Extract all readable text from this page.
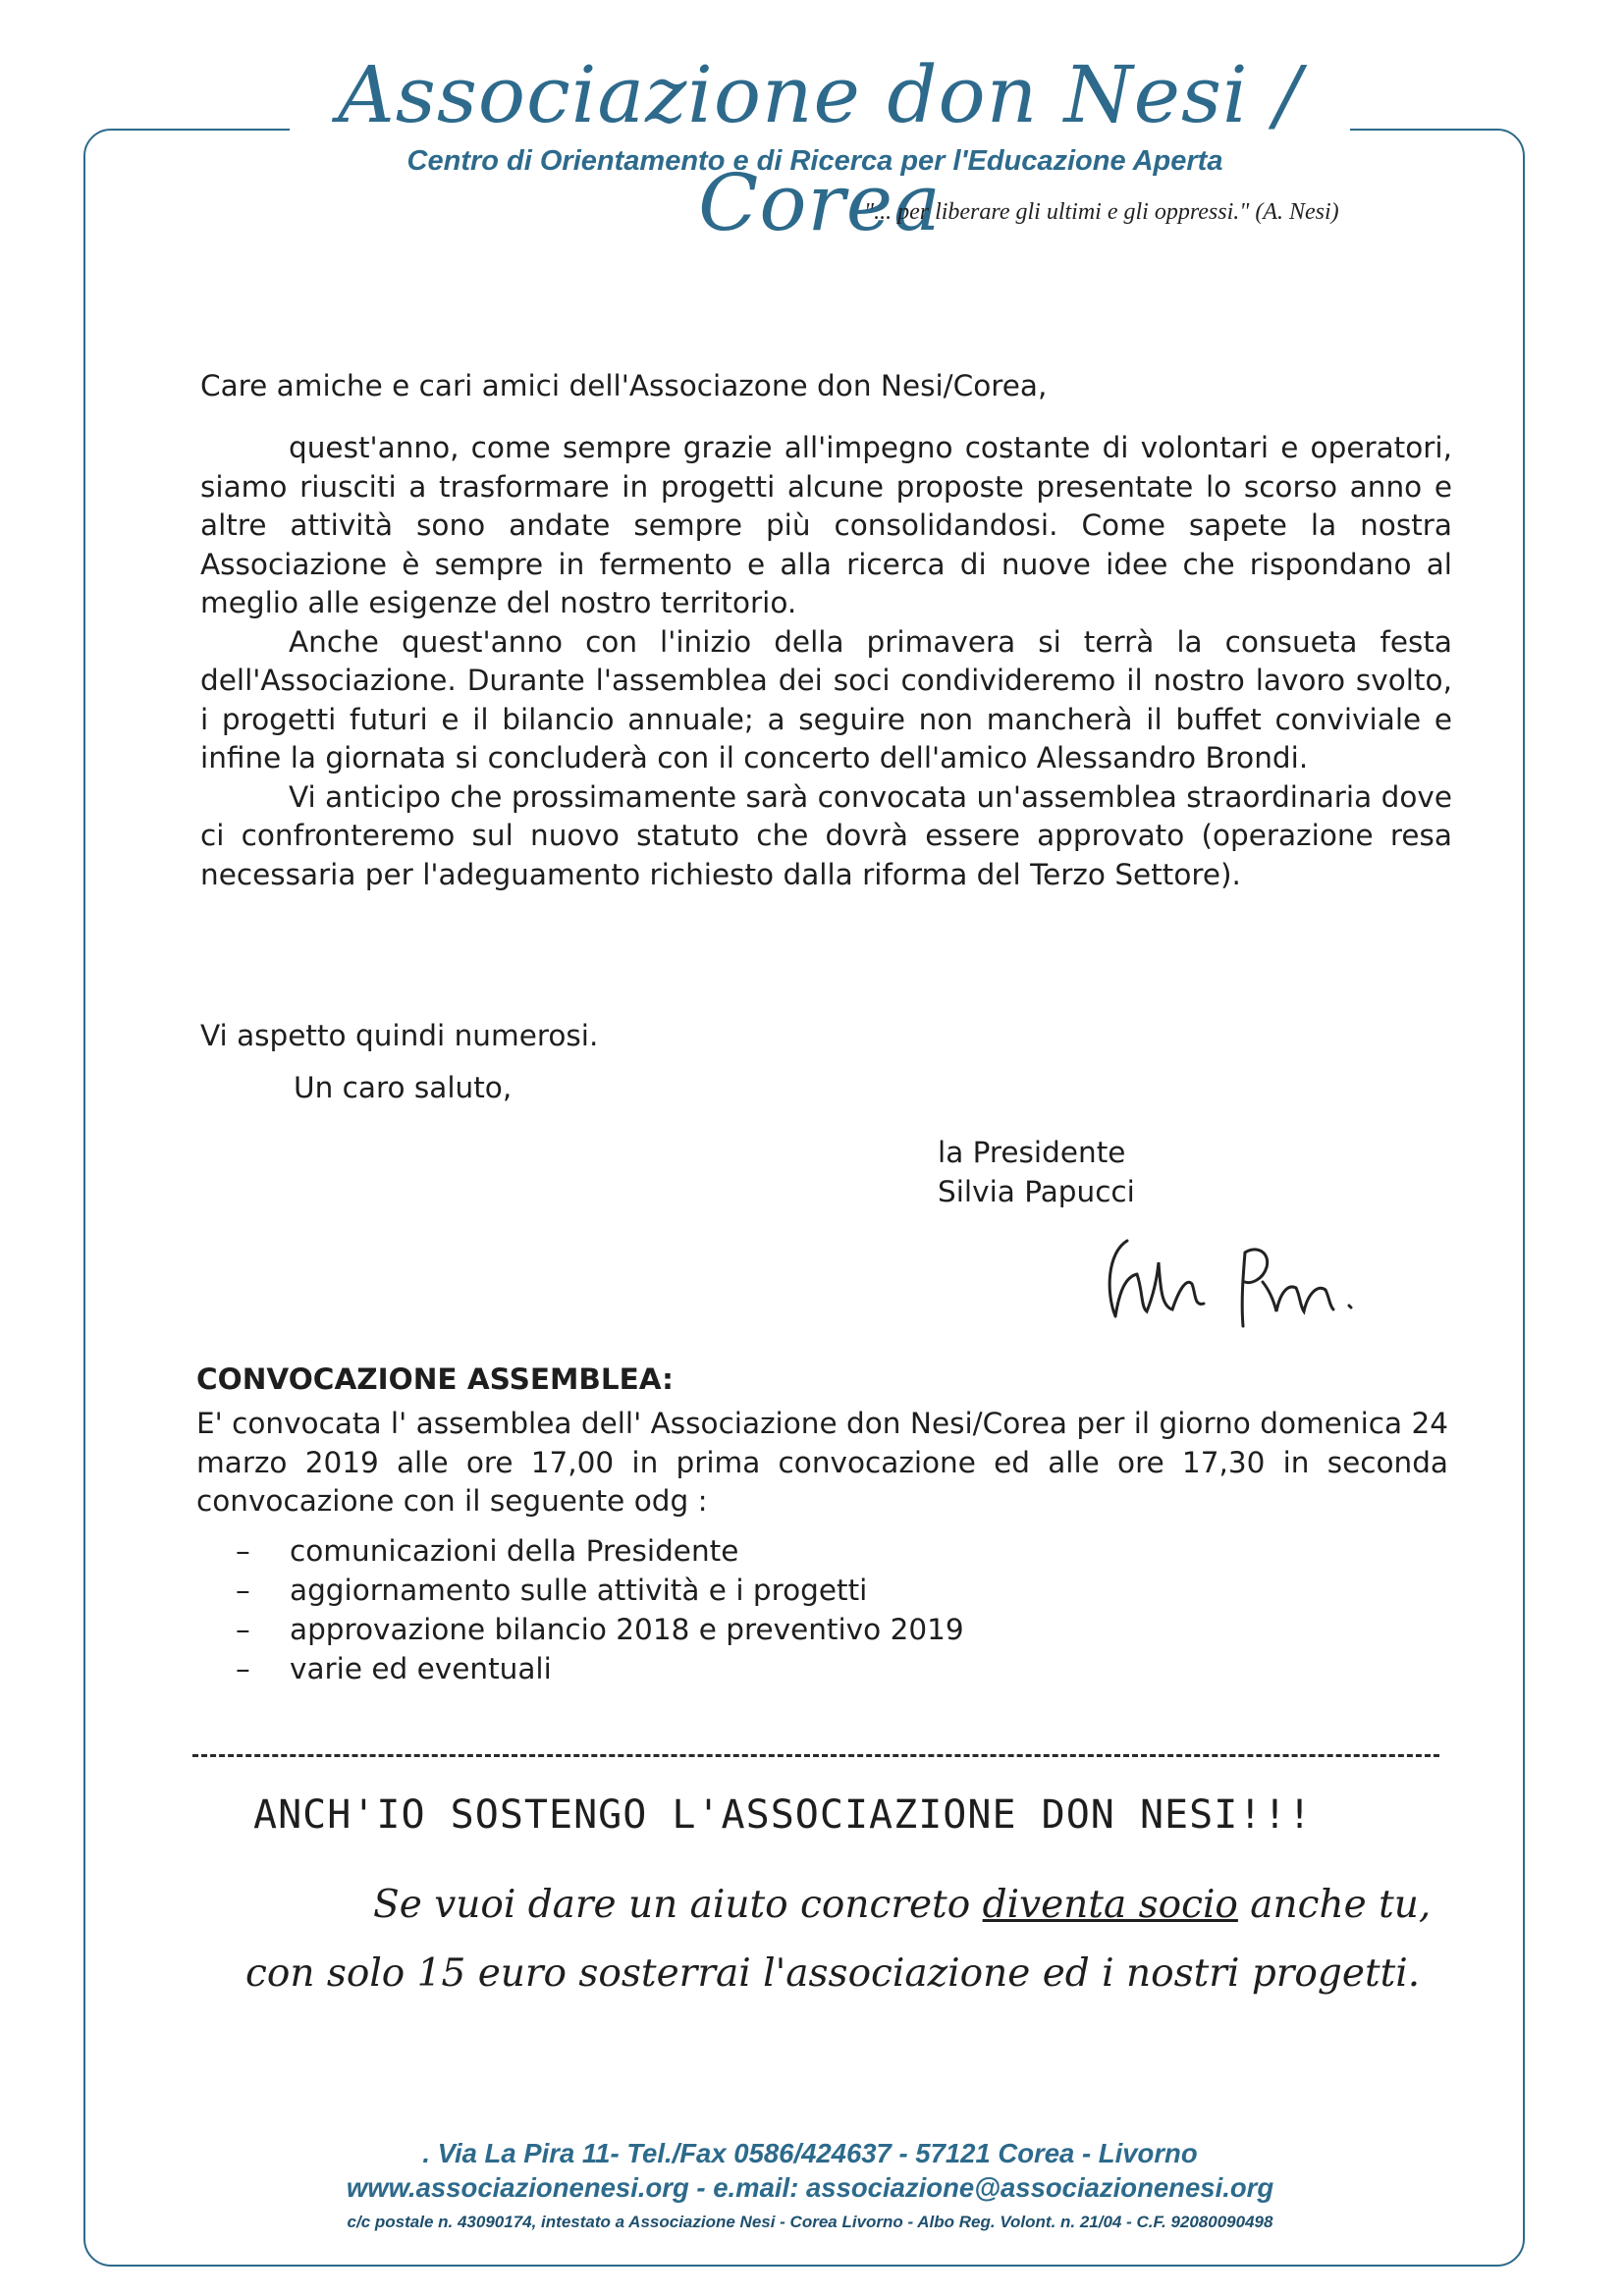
Associazione don Nesi / Corea
Centro di Orientamento e di Ricerca per l'Educazione Aperta
"... per liberare gli ultimi e gli oppressi." (A. Nesi)
Care amiche e cari amici dell'Associazone don Nesi/Corea,

quest'anno, come sempre grazie all'impegno costante di volontari e operatori, siamo riusciti a trasformare in progetti alcune proposte presentate lo scorso anno e altre attività sono andate sempre più consolidandosi. Come sapete la nostra Associazione è sempre in fermento e alla ricerca di nuove idee che rispondano al meglio alle esigenze del nostro territorio.

Anche quest'anno con l'inizio della primavera si terrà la consueta festa dell'Associazione. Durante l'assemblea dei soci condivideremo il nostro lavoro svolto, i progetti futuri e il bilancio annuale; a seguire non mancherà il buffet conviviale e infine la giornata si concluderà con il concerto dell'amico Alessandro Brondi.

Vi anticipo che prossimamente sarà convocata un'assemblea straordinaria dove ci confronteremo sul nuovo statuto che dovrà essere approvato (operazione resa necessaria per l'adeguamento richiesto dalla riforma del Terzo Settore).

Vi aspetto quindi numerosi.
Un caro saluto,
la Presidente
Silvia Papucci
CONVOCAZIONE ASSEMBLEA:

E' convocata l' assemblea dell' Associazione don Nesi/Corea per il giorno domenica 24 marzo 2019 alle ore 17,00 in prima convocazione ed alle ore 17,30 in seconda convocazione con il seguente odg :

– comunicazioni della Presidente
– aggiornamento sulle attività e i progetti
– approvazione bilancio 2018 e preventivo 2019
– varie ed eventuali
ANCH'IO SOSTENGO L'ASSOCIAZIONE DON NESI!!!
Se vuoi dare un aiuto concreto diventa socio anche tu,
con solo 15 euro sosterrai l'associazione ed i nostri progetti.
. Via La Pira 11- Tel./Fax 0586/424637 - 57121 Corea - Livorno
www.associazionenesi.org - e.mail: associazione@associazionenesi.org
c/c postale n. 43090174, intestato a Associazione Nesi - Corea Livorno - Albo Reg. Volont. n. 21/04 - C.F. 92080090498
